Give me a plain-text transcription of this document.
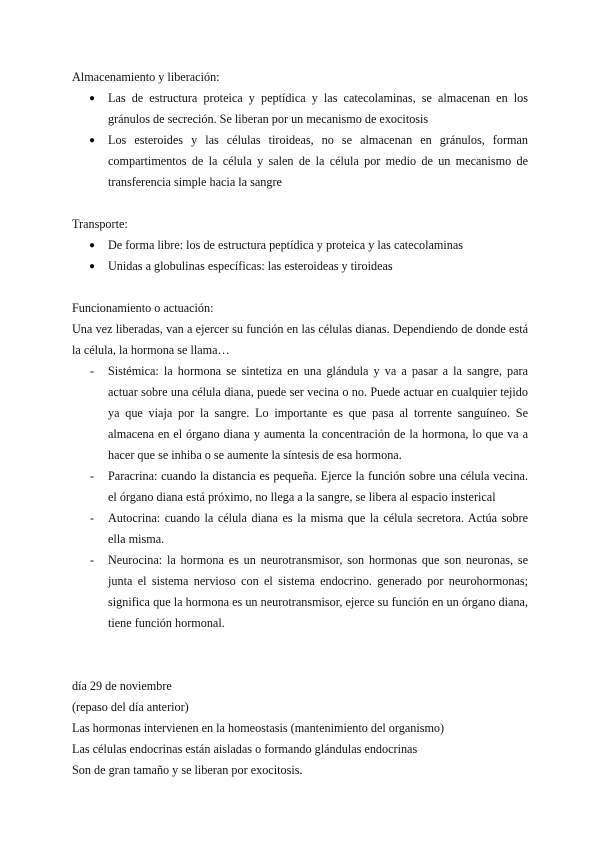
Almacenamiento y liberación:

● Las de estructura proteica y peptídica y las catecolaminas, se almacenan en los gránulos de secreción. Se liberan por un mecanismo de exocitosis
● Los esteroides y las células tiroideas, no se almacenan en gránulos, forman compartimentos de la célula y salen de la célula por medio de un mecanismo de transferencia simple hacia la sangre

Transporte:

● De forma libre: los de estructura peptídica y proteica y las catecolaminas
● Unidas a globulinas específicas: las esteroideas y tiroideas

Funcionamiento o actuación:

Una vez liberadas, van a ejercer su función en las células dianas. Dependiendo de donde está la célula, la hormona se llama…

- Sistémica: la hormona se sintetiza en una glándula y va a pasar a la sangre, para actuar sobre una célula diana, puede ser vecina o no. Puede actuar en cualquier tejido ya que viaja por la sangre. Lo importante es que pasa al torrente sanguíneo. Se almacena en el órgano diana y aumenta la concentración de la hormona, lo que va a hacer que se inhiba o se aumente la síntesis de esa hormona.
- Paracrina: cuando la distancia es pequeña. Ejerce la función sobre una célula vecina. el órgano diana está próximo, no llega a la sangre, se libera al espacio insterical
- Autocrina: cuando la célula diana es la misma que la célula secretora. Actúa sobre ella misma.
- Neurocina: la hormona es un neurotransmisor, son hormonas que son neuronas, se junta el sistema nervioso con el sistema endocrino. generado por neurohormonas; significa que la hormona es un neurotransmisor, ejerce su función en un órgano diana, tiene función hormonal.

día 29 de noviembre

(repaso del día anterior)

Las hormonas intervienen en la homeostasis (mantenimiento del organismo)

Las células endocrinas están aisladas o formando glándulas endocrinas

Son de gran tamaño y se liberan por exocitosis.
